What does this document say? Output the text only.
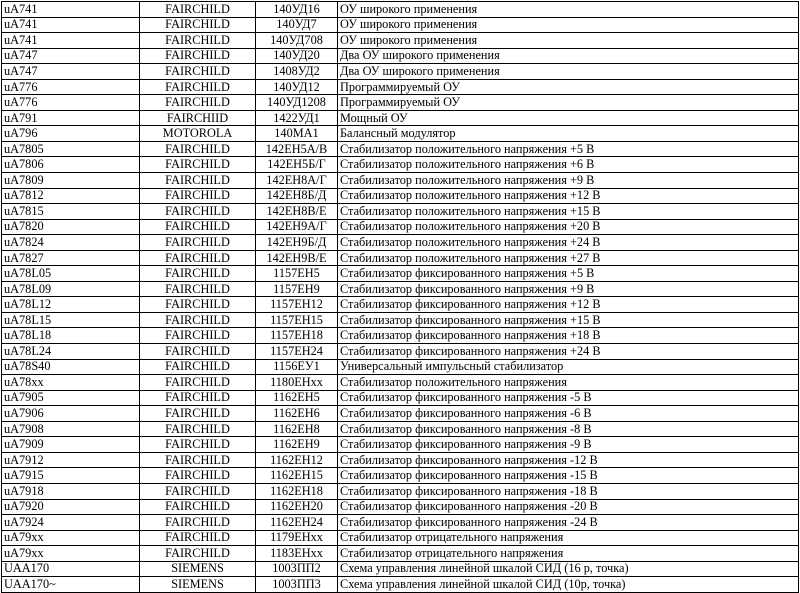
uA741	FAIRCHILD	140УД16	ОУ широкого применения
uA741	FAIRCHILD	140УД7	ОУ широкого применения
uA741	FAIRCHILD	140УД708	ОУ широкого применения
uA747	FAIRCHILD	140УД20	Два ОУ широкого применения
uA747	FAIRCHILD	1408УД2	Два ОУ широкого применения
uA776	FAIRCHILD	140УД12	Программируемый ОУ
uA776	FAIRCHILD	140УД1208	Программируемый ОУ
uA791	FAIRCHIID	1422УД1	Мощный ОУ
uA796	MOTOROLA	140МА1	Балансный модулятор
uA7805	FAIRCHILD	142ЕН5А/В	Стабилизатор положительного напряжения +5 В
uA7806	FAIRCHILD	142ЕН5Б/Г	Стабилизатор положительного напряжения +6 В
uA7809	FAIRCHILD	142ЕН8А/Г	Стабилизатор положительного напряжения +9 В
uA7812	FAIRCHILD	142ЕН8Б/Д	Стабилизатор положительного напряжения +12 В
uA7815	FAIRCHILD	142ЕН8В/Е	Стабилизатор положительного напряжения +15 В
uA7820	FAIRCHILD	142ЕН9А/Г	Стабилизатор положительного напряжения +20 В
uA7824	FAIRCHILD	142ЕН9Б/Д	Стабилизатор положительного напряжения +24 В
uA7827	FAIRCHILD	142ЕН9В/Е	Стабилизатор положительного напряжения +27 В
uA78L05	FAIRCHILD	1157ЕН5	Стабилизатор фиксированного напряжения +5 В
uA78L09	FAIRCHILD	1157ЕН9	Стабилизатор фиксированного напряжения +9 В
uA78L12	FAIRCHILD	1157ЕН12	Стабилизатор фиксированного напряжения +12 В
uA78L15	FAIRCHILD	1157ЕН15	Стабилизатор фиксированного напряжения +15 В
uA78L18	FAIRCHILD	1157ЕН18	Стабилизатор фиксированного напряжения +18 В
uA78L24	FAIRCHILD	1157ЕН24	Стабилизатор фиксированного напряжения +24 В
uA78S40	FAIRCHILD	1156ЕУ1	Универсальный импульсный стабилизатор
uA78xx	FAIRCHILD	1180ЕНxx	Стабилизатор положительного напряжения
uA7905	FAIRCHILD	1162ЕН5	Стабилизатор фиксированного напряжения -5 В
uA7906	FAIRCHILD	1162ЕН6	Стабилизатор фиксированного напряжения -6 В
uA7908	FAIRCHILD	1162ЕН8	Стабилизатор фиксированного напряжения -8 В
uA7909	FAIRCHILD	1162ЕН9	Стабилизатор фиксированного напряжения -9 В
uA7912	FAIRCHILD	1162ЕН12	Стабилизатор фиксированного напряжения -12 В
uA7915	FAIRCHILD	1162ЕН15	Стабилизатор фиксированного напряжения -15 В
uA7918	FAIRCHILD	1162ЕН18	Стабилизатор фиксированного напряжения -18 В
uA7920	FAIRCHILD	1162ЕН20	Стабилизатор фиксированного напряжения -20 В
uA7924	FAIRCHILD	1162ЕН24	Стабилизатор фиксированного напряжения -24 В
uA79xx	FAIRCHILD	1179ЕНxx	Стабилизатор отрицательного напряжения
uA79xx	FAIRCHILD	1183ЕНxx	Стабилизатор отрицательного напряжения
UAA170	SIEMENS	1003ПП2	Схема управления линейной шкалой СИД (16 р, точка)
UAA170~	SIEMENS	1003ПП3	Схема управления линейной шкалой СИД (10р, точка)
